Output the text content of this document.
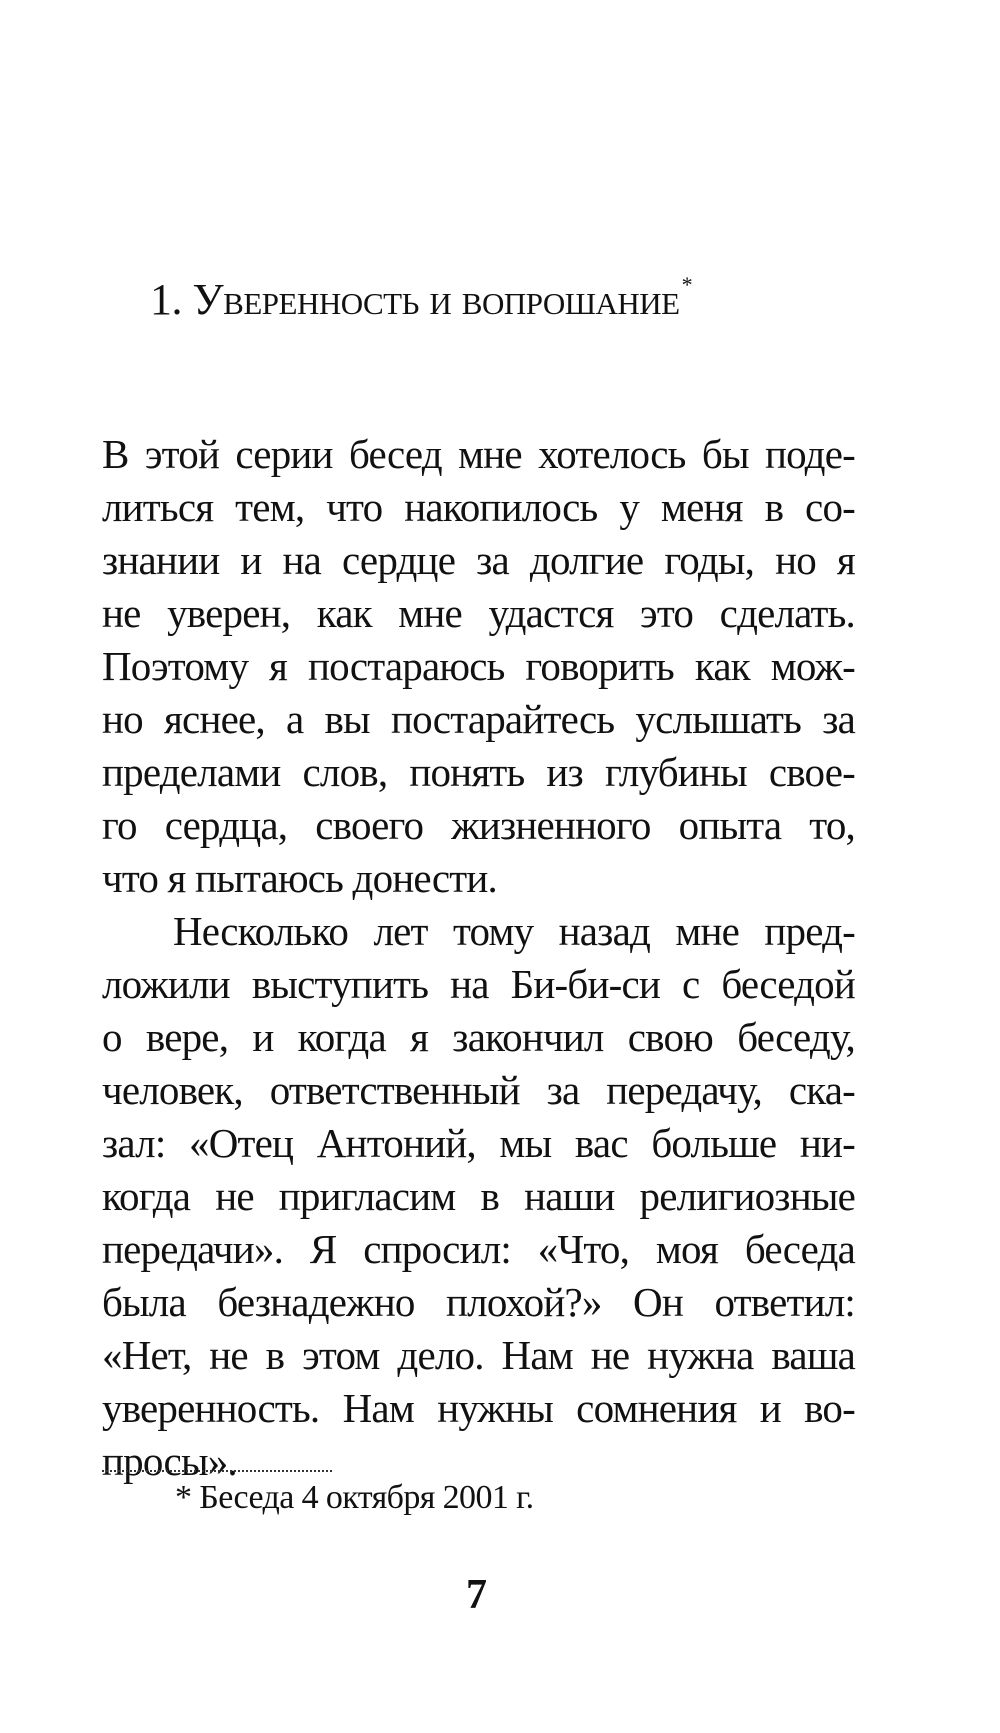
1. Уверенность и вопрошание*
В этой серии бесед мне хотелось бы поде-
литься тем, что накопилось у меня в со-
знании и на сердце за долгие годы, но я
не уверен, как мне удастся это сделать.
Поэтому я постараюсь говорить как мож-
но яснее, а вы постарайтесь услышать за
пределами слов, понять из глубины свое-
го сердца, своего жизненного опыта то,
что я пытаюсь донести.
Несколько лет тому назад мне пред-
ложили выступить на Би-би-си с беседой
о вере, и когда я закончил свою беседу,
человек, ответственный за передачу, ска-
зал: «Отец Антоний, мы вас больше ни-
когда не пригласим в наши религиозные
передачи». Я спросил: «Что, моя беседа
была безнадежно плохой?» Он ответил:
«Нет, не в этом дело. Нам не нужна ваша
уверенность. Нам нужны сомнения и во-
просы».
* Беседа 4 октября 2001 г.
7
